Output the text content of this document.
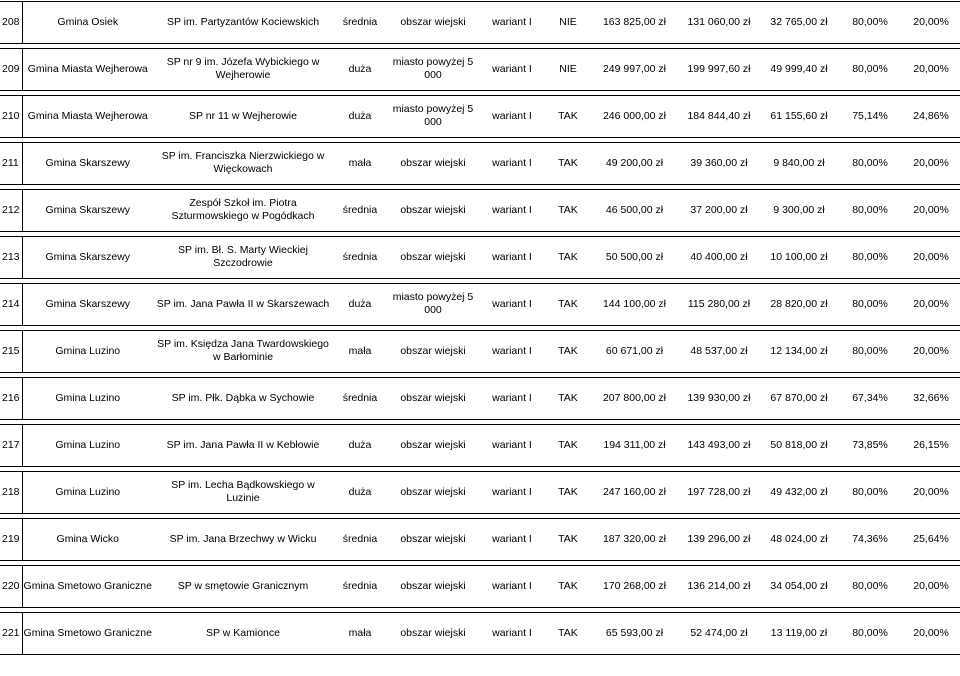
208	Gmina Osiek	SP im. Partyzantów Kociewskich	średnia	obszar wiejski	wariant I	NIE	163 825,00 zł	131 060,00 zł	32 765,00 zł	80,00%	20,00%

209	Gmina Miasta Wejherowa	SP nr 9 im. Józefa Wybickiego w Wejherowie	duża	miasto powyżej 5 000	wariant I	NIE	249 997,00 zł	199 997,60 zł	49 999,40 zł	80,00%	20,00%

210	Gmina Miasta Wejherowa	SP nr 11 w Wejherowie	duża	miasto powyżej 5 000	wariant I	TAK	246 000,00 zł	184 844,40 zł	61 155,60 zł	75,14%	24,86%

211	Gmina Skarszewy	SP im. Franciszka Nierzwickiego w Więckowach	mała	obszar wiejski	wariant I	TAK	49 200,00 zł	39 360,00 zł	9 840,00 zł	80,00%	20,00%

212	Gmina Skarszewy	Zespół Szkoł im. Piotra Szturmowskiego w Pogódkach	średnia	obszar wiejski	wariant I	TAK	46 500,00 zł	37 200,00 zł	9 300,00 zł	80,00%	20,00%

213	Gmina Skarszewy	SP im. Bł. S. Marty Wieckiej Szczodrowie	średnia	obszar wiejski	wariant I	TAK	50 500,00 zł	40 400,00 zł	10 100,00 zł	80,00%	20,00%

214	Gmina Skarszewy	SP im. Jana Pawła II w Skarszewach	duża	miasto powyżej 5 000	wariant I	TAK	144 100,00 zł	115 280,00 zł	28 820,00 zł	80,00%	20,00%

215	Gmina Luzino	SP im. Księdza Jana Twardowskiego w Barłominie	mała	obszar wiejski	wariant I	TAK	60 671,00 zł	48 537,00 zł	12 134,00 zł	80,00%	20,00%

216	Gmina Luzino	SP im. Płk. Dąbka w Sychowie	średnia	obszar wiejski	wariant I	TAK	207 800,00 zł	139 930,00 zł	67 870,00 zł	67,34%	32,66%

217	Gmina Luzino	SP im. Jana Pawła II w Kebłowie	duża	obszar wiejski	wariant I	TAK	194 311,00 zł	143 493,00 zł	50 818,00 zł	73,85%	26,15%

218	Gmina Luzino	SP im. Lecha Bądkowskiego w Luzinie	duża	obszar wiejski	wariant I	TAK	247 160,00 zł	197 728,00 zł	49 432,00 zł	80,00%	20,00%

219	Gmina Wicko	SP im. Jana Brzechwy w Wicku	średnia	obszar wiejski	wariant I	TAK	187 320,00 zł	139 296,00 zł	48 024,00 zł	74,36%	25,64%

220	Gmina Smetowo Graniczne	SP w smętowie Granicznym	średnia	obszar wiejski	wariant I	TAK	170 268,00 zł	136 214,00 zł	34 054,00 zł	80,00%	20,00%

221	Gmina Smetowo Graniczne	SP w Kamionce	mała	obszar wiejski	wariant I	TAK	65 593,00 zł	52 474,00 zł	13 119,00 zł	80,00%	20,00%
